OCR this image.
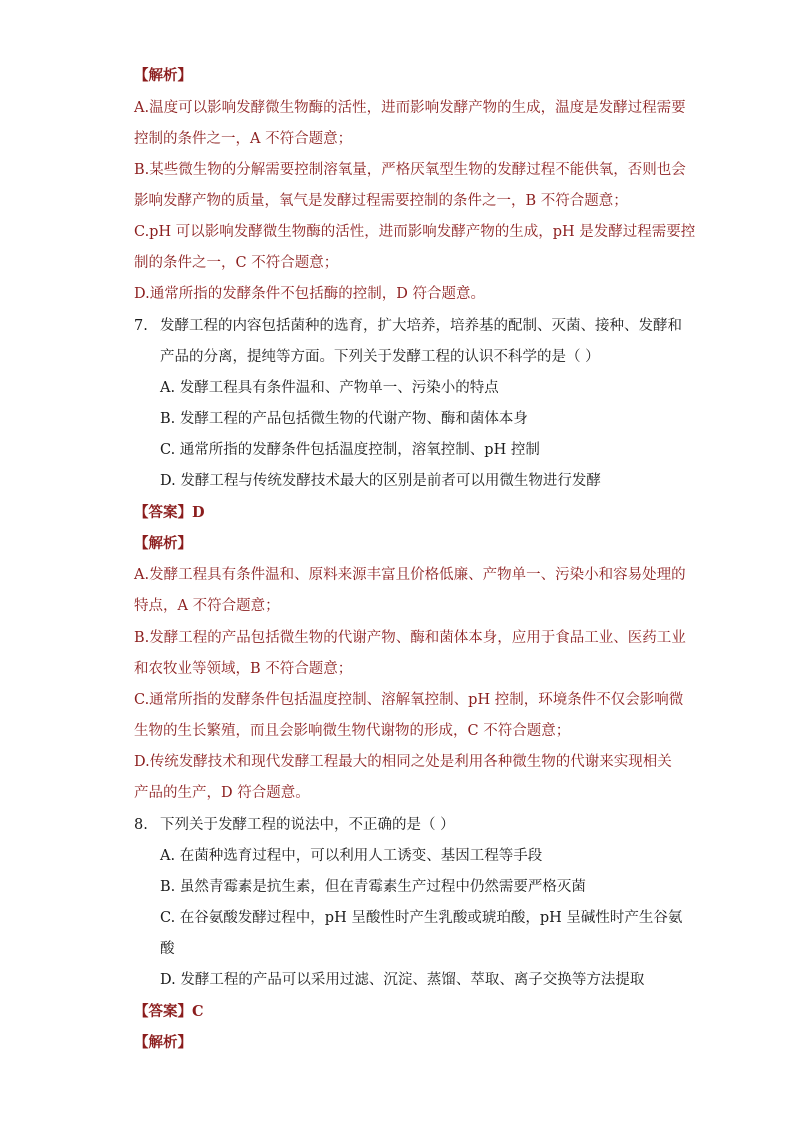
【解析】
A.温度可以影响发酵微生物酶的活性，进而影响发酵产物的生成，温度是发酵过程需要
控制的条件之一，A 不符合题意；
B.某些微生物的分解需要控制溶氧量，严格厌氧型生物的发酵过程不能供氧，否则也会
影响发酵产物的质量，氧气是发酵过程需要控制的条件之一，B 不符合题意；
C.pH 可以影响发酵微生物酶的活性，进而影响发酵产物的生成，pH 是发酵过程需要控
制的条件之一，C 不符合题意；
D.通常所指的发酵条件不包括酶的控制，D 符合题意。
7. 发酵工程的内容包括菌种的选育，扩大培养，培养基的配制、灭菌、接种、发酵和
产品的分离，提纯等方面。下列关于发酵工程的认识不科学的是（ ）
A. 发酵工程具有条件温和、产物单一、污染小的特点
B. 发酵工程的产品包括微生物的代谢产物、酶和菌体本身
C. 通常所指的发酵条件包括温度控制，溶氧控制、pH 控制
D. 发酵工程与传统发酵技术最大的区别是前者可以用微生物进行发酵
【答案】D
【解析】
A.发酵工程具有条件温和、原料来源丰富且价格低廉、产物单一、污染小和容易处理的
特点，A 不符合题意；
B.发酵工程的产品包括微生物的代谢产物、酶和菌体本身，应用于食品工业、医药工业
和农牧业等领域，B 不符合题意；
C.通常所指的发酵条件包括温度控制、溶解氧控制、pH 控制，环境条件不仅会影响微
生物的生长繁殖，而且会影响微生物代谢物的形成，C 不符合题意；
D.传统发酵技术和现代发酵工程最大的相同之处是利用各种微生物的代谢来实现相关
产品的生产，D 符合题意。
8. 下列关于发酵工程的说法中，不正确的是（ ）
A. 在菌种选育过程中，可以利用人工诱变、基因工程等手段
B. 虽然青霉素是抗生素，但在青霉素生产过程中仍然需要严格灭菌
C. 在谷氨酸发酵过程中，pH 呈酸性时产生乳酸或琥珀酸，pH 呈碱性时产生谷氨
酸
D. 发酵工程的产品可以采用过滤、沉淀、蒸馏、萃取、离子交换等方法提取
【答案】C
【解析】
